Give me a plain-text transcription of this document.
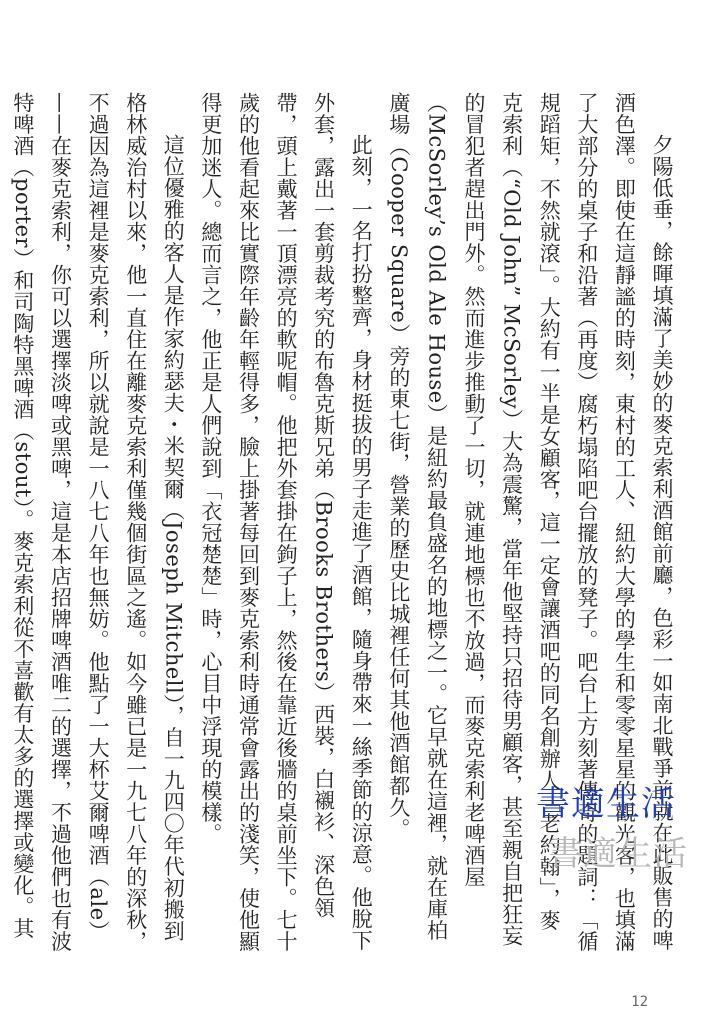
夕陽低垂，餘暉填滿了美妙的麥克索利酒館前廳，色彩一如南北戰爭前就在此販售的啤酒色澤。即使在這靜謐的時刻，東村的工人、紐約大學的學生和零零星星的觀光客，也填滿了大部分的桌子和沿著（再度）腐朽塌陷吧台擺放的凳子。吧台上方刻著傳奇的題詞：「循規蹈矩，不然就滾」。大約有一半是女顧客，這一定會讓酒吧的同名創辦人「老約翰」，麥克索利（“Old John” McSorley）大為震驚，當年他堅持只招待男顧客，甚至親自把狂妄的冒犯者趕出門外。然而進步推動了一切，就連地標也不放過，而麥克索利老啤酒屋（McSorley’s Old Ale House）是紐約最負盛名的地標之一。它早就在這裡，就在庫柏廣場（Cooper Square）旁的東七街，營業的歷史比城裡任何其他酒館都久。

此刻，一名打扮整齊，身材挺拔的男子走進了酒館，隨身帶來一絲季節的涼意。他脫下外套，露出一套剪裁考究的布魯克斯兄弟（Brooks Brothers）西裝，白襯衫、深色領帶，頭上戴著一頂漂亮的軟呢帽。他把外套掛在鉤子上，然後在靠近後牆的桌前坐下。七十歲的他看起來比實際年齡年輕得多，臉上掛著每回到麥克索利時通常會露出的淺笑，使他顯得更加迷人。總而言之，他正是人們說到「衣冠楚楚」時，心目中浮現的模樣。

這位優雅的客人是作家約瑟夫・米契爾（Joseph Mitchell），自一九四〇年代初搬到格林威治村以來，他一直住在離麥克索利僅幾個街區之遙。如今雖已是一九七八年的深秋，不過因為這裡是麥克索利，所以就說是一八七八年也無妨。他點了一大杯艾爾啤酒（ale）——在麥克索利，你可以選擇淡啤或黑啤，這是本店招牌啤酒唯二的選擇，不過他們也有波特啤酒（porter）和司陶特黑啤酒（stout）。麥克索利從不喜歡有太多的選擇或變化。其

書適生活
書適生活
12
